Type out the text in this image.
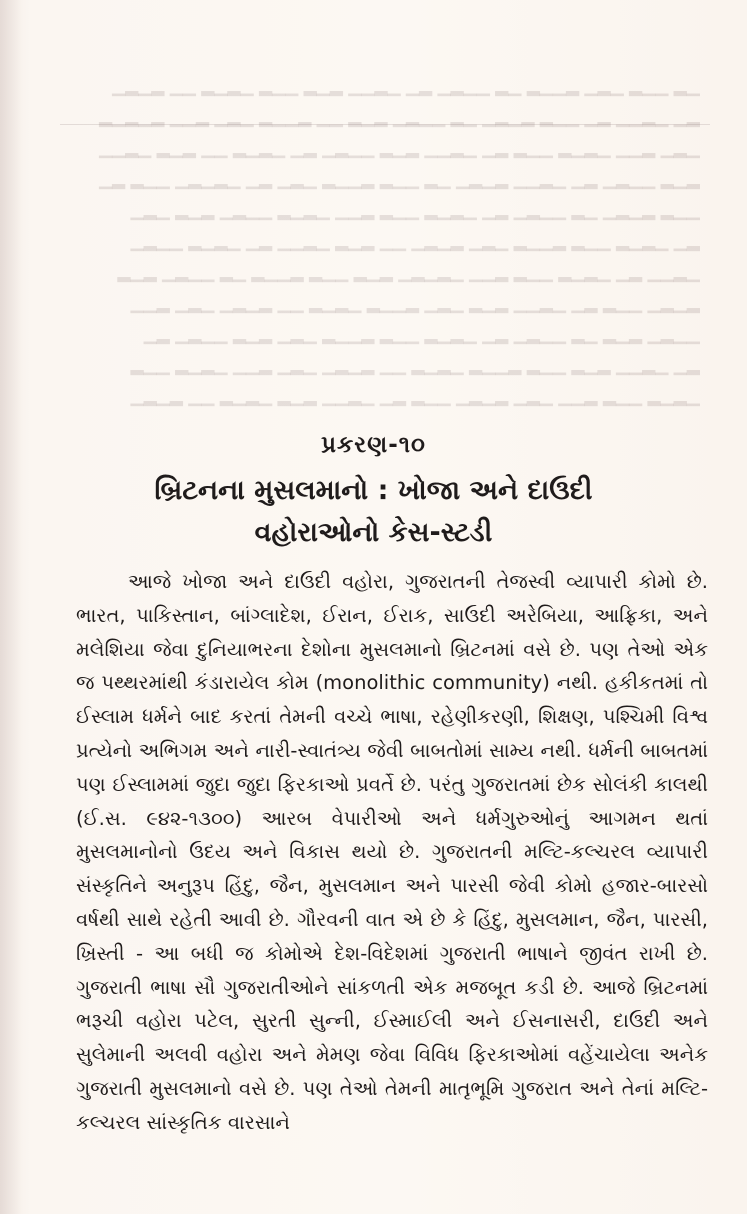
▁▂ ▁▁▂ ▁▂▁ ▂▁▁▂ ▁▂ ▁▁▂▁ ▂▁ ▁▂▁▁ ▂▁▂ ▁▁▂ ▁▂▁▂ ▁▁ ▂▁▂▁
▂▁ ▁▂▁▁ ▂▁ ▁▁▂ ▂▁▂▁ ▁▂ ▁▁▂▁ ▂▁▂ ▁▁ ▂▁▁▂ ▁▂▁ ▂▁▁ ▂▁▂▁▂
▁▂▁ ▂▁▁ ▁▂▁▂ ▁▁▂ ▂▁ ▁▂▁▁ ▂▁▂ ▁▁▂▁ ▂▁ ▁▂▁▂ ▁▁ ▂▁▂ ▁▂▁▁
▂▁▂ ▁▁▂▁ ▂▁ ▁▂▁▁ ▂▁▂▁ ▁▂ ▁▁▂ ▂▁▁▂ ▁▂▁ ▂▁ ▁▂▁▂▁ ▁▁▂ ▂▁
▁▁▂ ▂▁▂▁ ▁▂ ▁▁▂▁ ▂▁ ▁▂▁▂ ▁▁▂ ▂▁▁ ▁▂▁▂ ▁▁▂▁ ▂▁▂ ▁▂▁
▂▁ ▁▂▁▂ ▁▁▂ ▂▁▁▂ ▁▂▁ ▂▁▂▁ ▁▁ ▂▁▂ ▁▂▁▁ ▂▁ ▁▂▁▂ ▁▁▂▁
▁▂▁▁ ▂▁ ▁▂▁▂ ▁▁▂ ▂▁▁ ▁▂▁▂▁ ▂▁▂ ▁▁▂ ▂▁▁▂ ▁▂ ▁▁▂▁ ▂▁▂
▂▁▂▁ ▁▁▂ ▂▁ ▁▂▁▁ ▂▁▂ ▁▂▁ ▂▁▁▂ ▁▂▁▂ ▁▁ ▂▁▂▁ ▁▂▁ ▂▁▁
▁▁▂▁ ▂▁▂ ▁▂ ▁▁▂▁ ▂▁ ▁▂▁▂ ▁▁▂ ▂▁▁▂ ▁▂▁ ▂▁▂ ▁▁▂▁ ▂▁
▂▁ ▁▂▁▁ ▂▁▂ ▁▁▂ ▂▁▁▂ ▁▂▁▂ ▁▁ ▂▁▂▁ ▁▂▁ ▂▁▁ ▁▂▁▂ ▁▁▂
▁▂▁▂ ▁▁▂ ▂▁▁ ▁▂▁ ▂▁▂▁ ▁▁▂ ▂▁ ▁▂▁▁ ▂▁▂ ▁▂▁▂ ▁▁ ▂▁▂▁
પ્રકરણ-૧૦
બ્રિટનના મુસલમાનો : ખોજા અને દાઉદી
વહોરાઓનો કેસ-સ્ટડી

આજે ખોજા અને દાઉદી વહોરા, ગુજરાતની તેજસ્વી વ્યાપારી કોમો છે. ભારત, પાકિસ્તાન, બાંગ્લાદેશ, ઈરાન, ઈરાક, સાઉદી અરેબિયા, આફ્રિકા, અને મલેશિયા જેવા દુનિયાભરના દેશોના મુસલમાનો બ્રિટનમાં વસે છે. પણ તેઓ એક જ પથ્થરમાંથી કંડારાયેલ કોમ (monolithic community) નથી. હકીકતમાં તો ઈસ્લામ ધર્મને બાદ કરતાં તેમની વચ્ચે ભાષા, રહેણીકરણી, શિક્ષણ, પશ્ચિમી વિશ્વ પ્રત્યેનો અભિગમ અને નારી-સ્વાતંત્ર્ય જેવી બાબતોમાં સામ્ય નથી. ધર્મની બાબતમાં પણ ઈસ્લામમાં જુદા જુદા ફિરકાઓ પ્રવર્તે છે. પરંતુ ગુજરાતમાં છેક સોલંકી કાલથી (ઈ.સ. ૯૪૨-૧૩૦૦) આરબ વેપારીઓ અને ધર્મગુરુઓનું આગમન થતાં મુસલમાનોનો ઉદય અને વિકાસ થયો છે. ગુજરાતની મલ્ટિ-કલ્ચરલ વ્યાપારી સંસ્કૃતિને અનુરૂપ હિંદુ, જૈન, મુસલમાન અને પારસી જેવી કોમો હજાર-બારસો વર્ષથી સાથે રહેતી આવી છે. ગૌરવની વાત એ છે કે હિંદુ, મુસલમાન, જૈન, પારસી, ખ્રિસ્તી - આ બધી જ કોમોએ દેશ-વિદેશમાં ગુજરાતી ભાષાને જીવંત રાખી છે. ગુજરાતી ભાષા સૌ ગુજરાતીઓને સાંકળતી એક મજબૂત કડી છે. આજે બ્રિટનમાં ભરૂચી વહોરા પટેલ, સુરતી સુન્ની, ઈસ્માઈલી અને ઈસનાસરી, દાઉદી અને સુલેમાની અલવી વહોરા અને મેમણ જેવા વિવિધ ફિરકાઓમાં વહેંચાયેલા અનેક ગુજરાતી મુસલમાનો વસે છે. પણ તેઓ તેમની માતૃભૂમિ ગુજરાત અને તેનાં મલ્ટિ-કલ્ચરલ સાંસ્કૃતિક વારસાને
